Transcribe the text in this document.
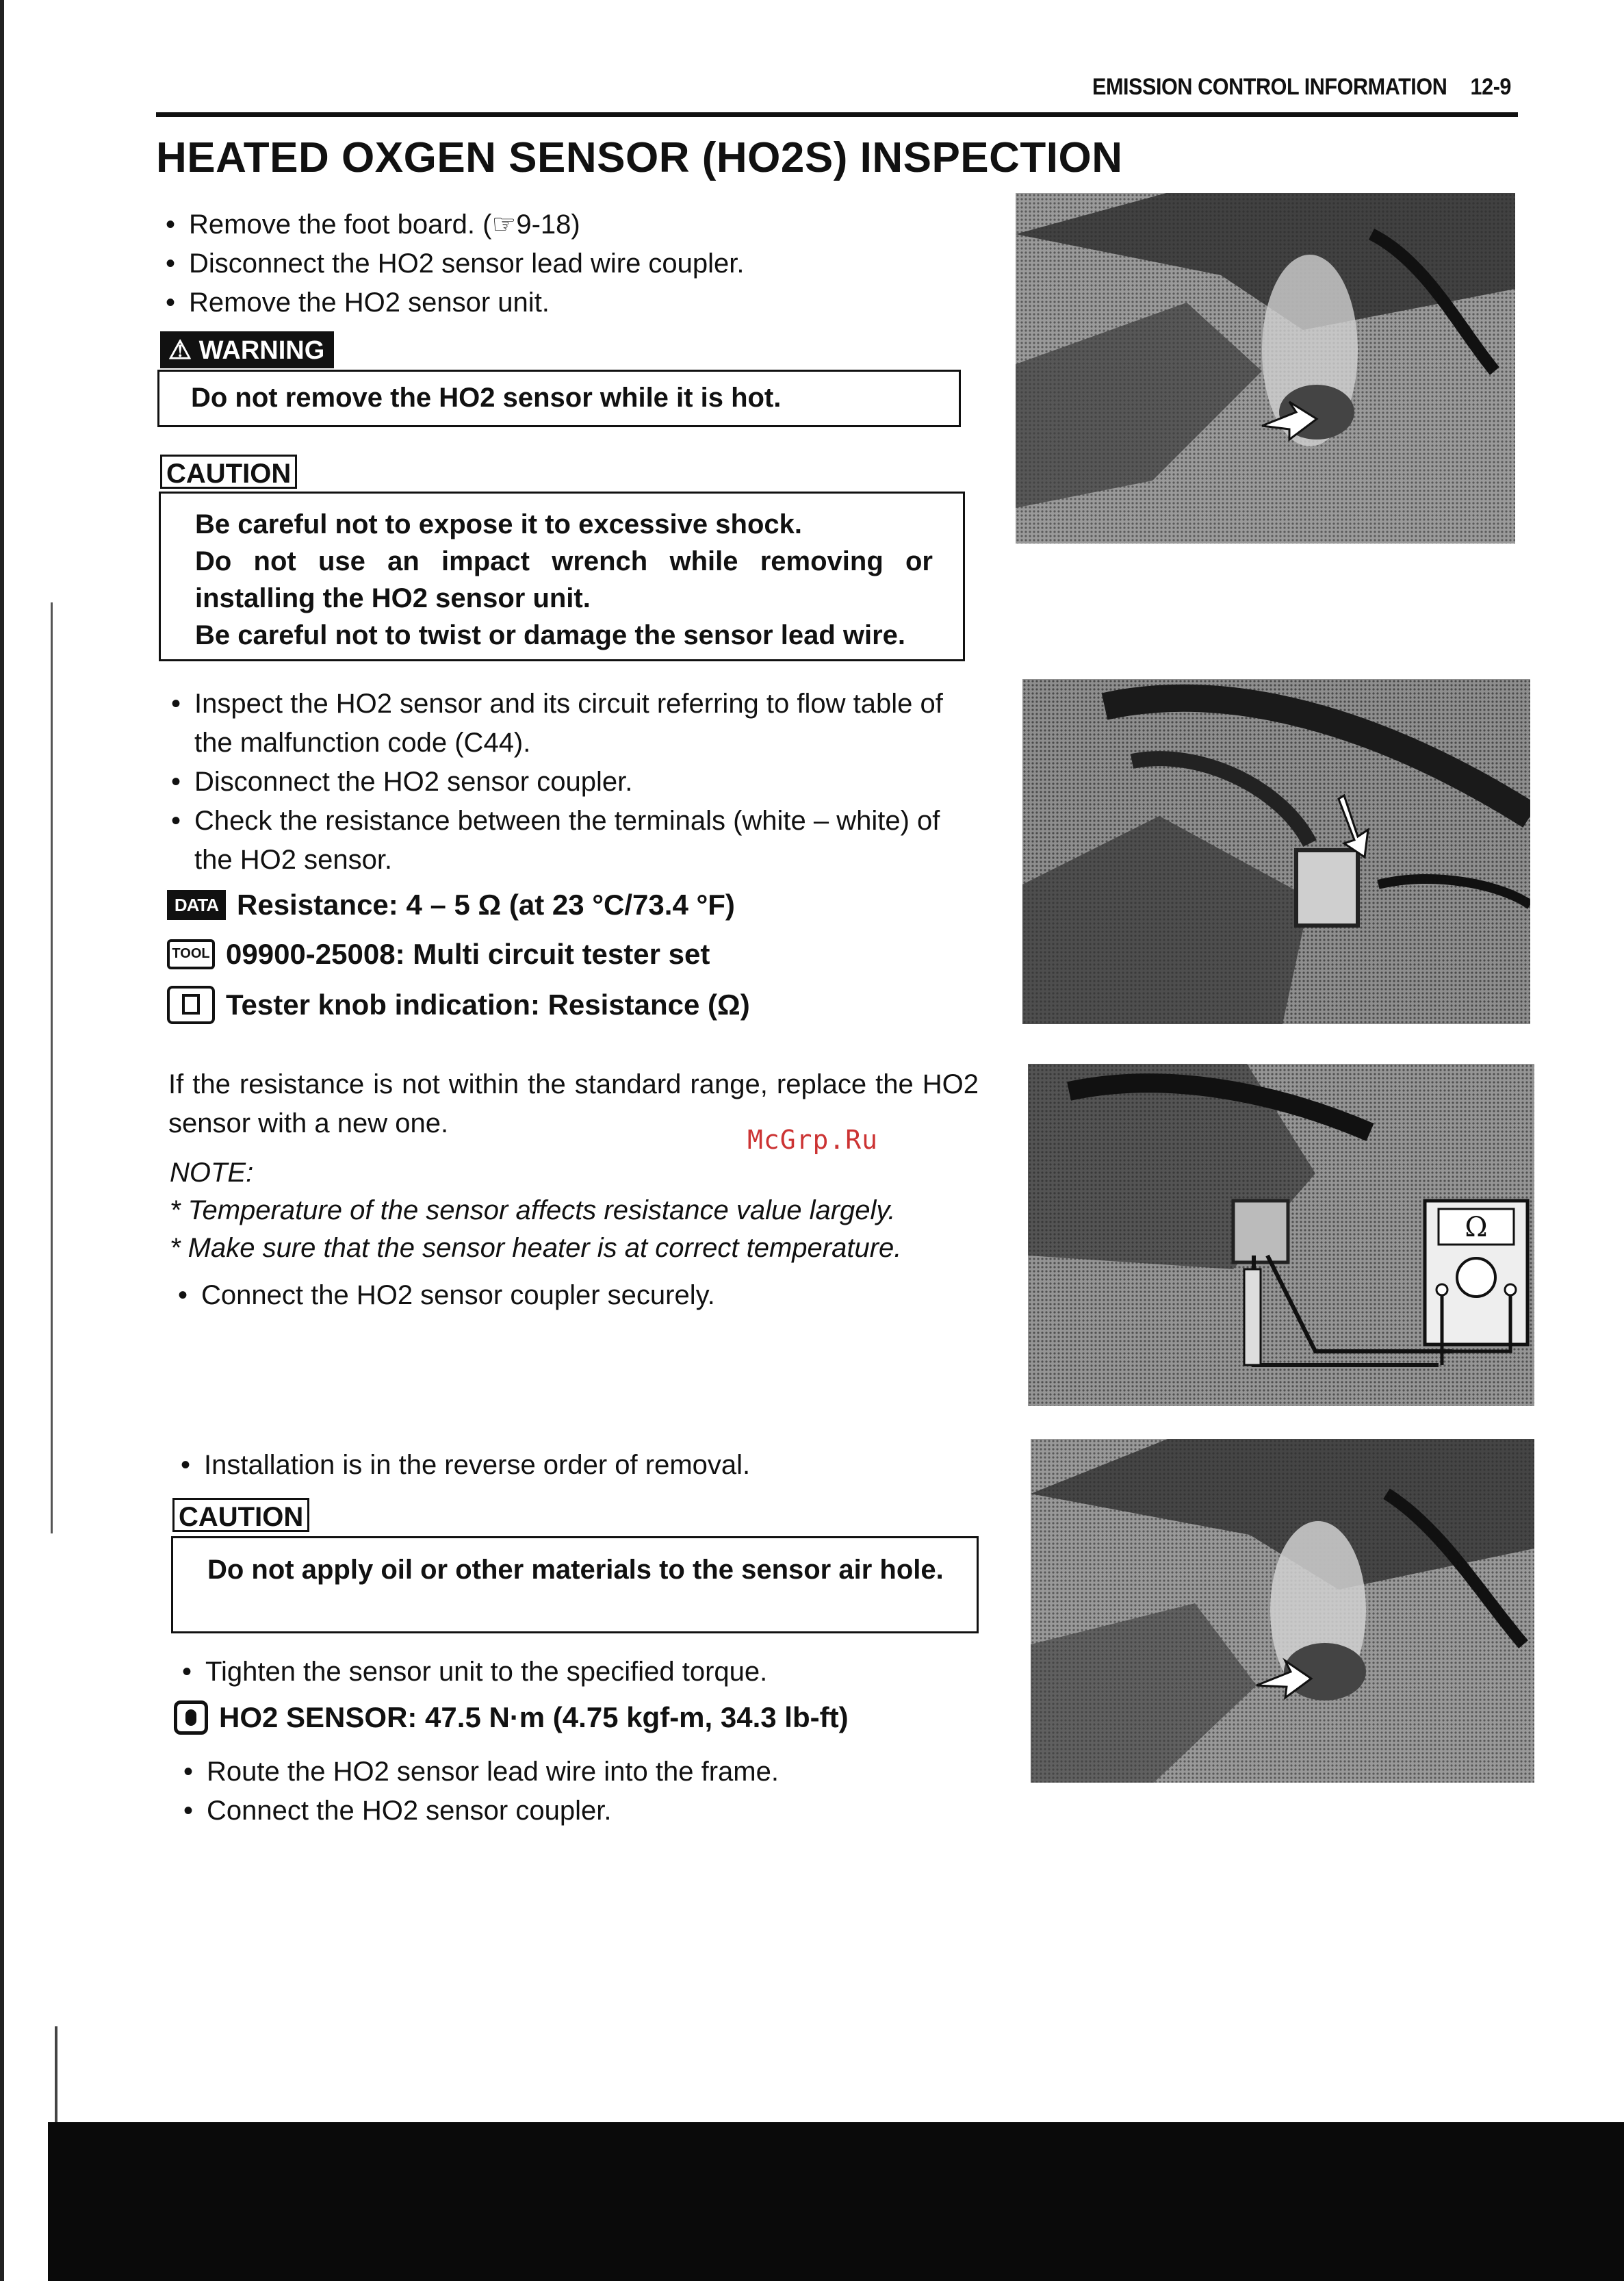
EMISSION CONTROL INFORMATION 12-9
HEATED OXGEN SENSOR (HO2S) INSPECTION
• Remove the foot board. (☞9-18)
• Disconnect the HO2 sensor lead wire coupler.
• Remove the HO2 sensor unit.
⚠ WARNING
Do not remove the HO2 sensor while it is hot.
CAUTION
Be careful not to expose it to excessive shock.
Do not use an impact wrench while removing or installing the HO2 sensor unit.
Be careful not to twist or damage the sensor lead wire.
• Inspect the HO2 sensor and its circuit referring to flow table of the malfunction code (C44).
• Disconnect the HO2 sensor coupler.
• Check the resistance between the terminals (white – white) of the HO2 sensor.
DATA Resistance: 4 – 5 Ω (at 23 °C/73.4 °F)
TOOL 09900-25008: Multi circuit tester set
Tester knob indication: Resistance (Ω)
If the resistance is not within the standard range, replace the HO2 sensor with a new one.
McGrp.Ru
NOTE:
* Temperature of the sensor affects resistance value largely.
* Make sure that the sensor heater is at correct temperature.
• Connect the HO2 sensor coupler securely.
• Installation is in the reverse order of removal.
CAUTION
Do not apply oil or other materials to the sensor air hole.
• Tighten the sensor unit to the specified torque.
HO2 SENSOR: 47.5 N·m (4.75 kgf-m, 34.3 lb-ft)
• Route the HO2 sensor lead wire into the frame.
• Connect the HO2 sensor coupler.
Ω
